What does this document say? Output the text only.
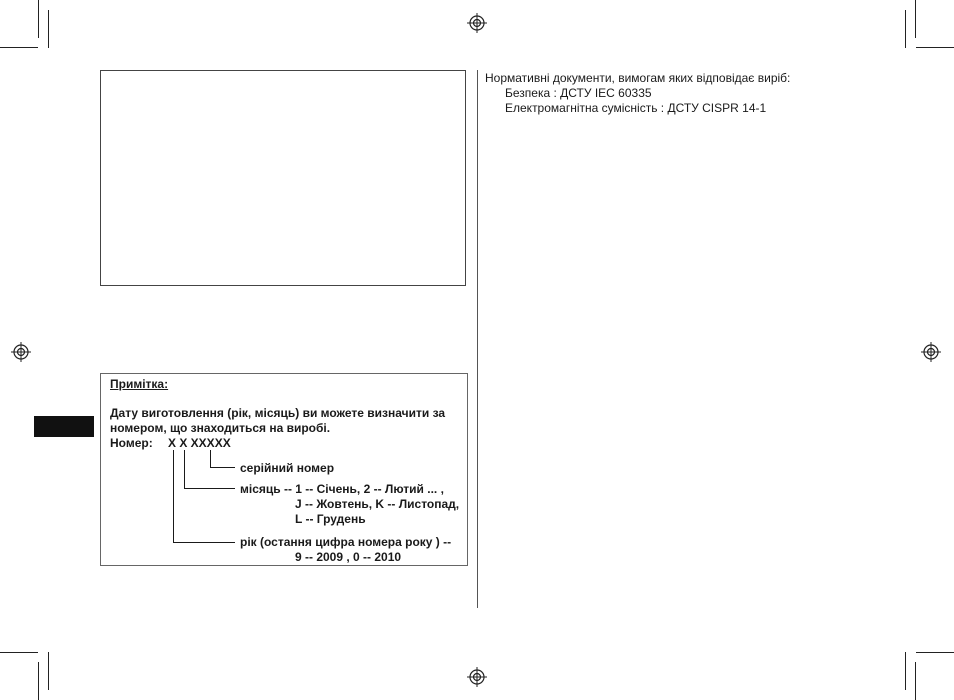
Примітка:
Дату виготовлення (рік, місяць) ви можете визначити за
номером, що знаходиться на виробі.
Номер: X X XXXXX
серійний номер
місяць -- 1 -- Січень, 2 -- Лютий ... ,
J -- Жовтень, K -- Листопад,
L -- Грудень
рік (остання цифра номера року ) --
9 -- 2009 , 0 -- 2010
Нормативні документи, вимогам яких відповідає виріб:
Безпека : ДСТУ IEC 60335
Електромагнітна сумісність : ДСТУ CISPR 14-1
